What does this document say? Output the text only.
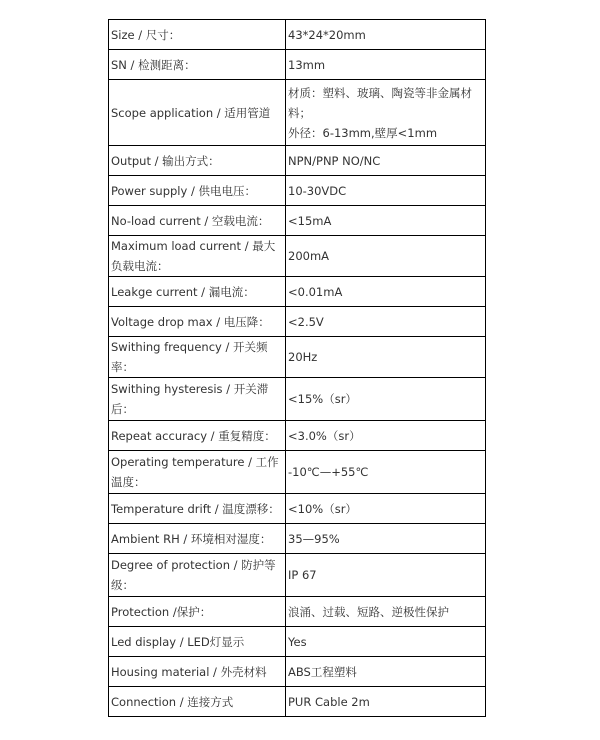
Size / 尺寸：	43*24*20mm

SN / 检测距离：	13mm

Scope application / 适用管道	材质：塑料、玻璃、陶瓷等非金属材料；
外径：6-13mm,壁厚<1mm

Output / 输出方式：	NPN/PNP NO/NC

Power supply / 供电电压：	10-30VDC

No-load current / 空载电流：	<15mA

Maximum load current / 最大负载电流：	200mA

Leakge current / 漏电流：	<0.01mA

Voltage drop max / 电压降：	<2.5V

Swithing frequency / 开关频率：	20Hz

Swithing hysteresis / 开关滞后：	<15%（sr）

Repeat accuracy / 重复精度：	<3.0%（sr）

Operating temperature / 工作温度：	-10℃—+55℃

Temperature drift / 温度漂移：	<10%（sr）

Ambient RH / 环境相对湿度：	35—95%

Degree of protection / 防护等级：	IP 67

Protection /保护：	浪涌、过载、短路、逆极性保护

Led display / LED灯显示	Yes

Housing material / 外壳材料	ABS工程塑料

Connection / 连接方式	PUR Cable 2m
